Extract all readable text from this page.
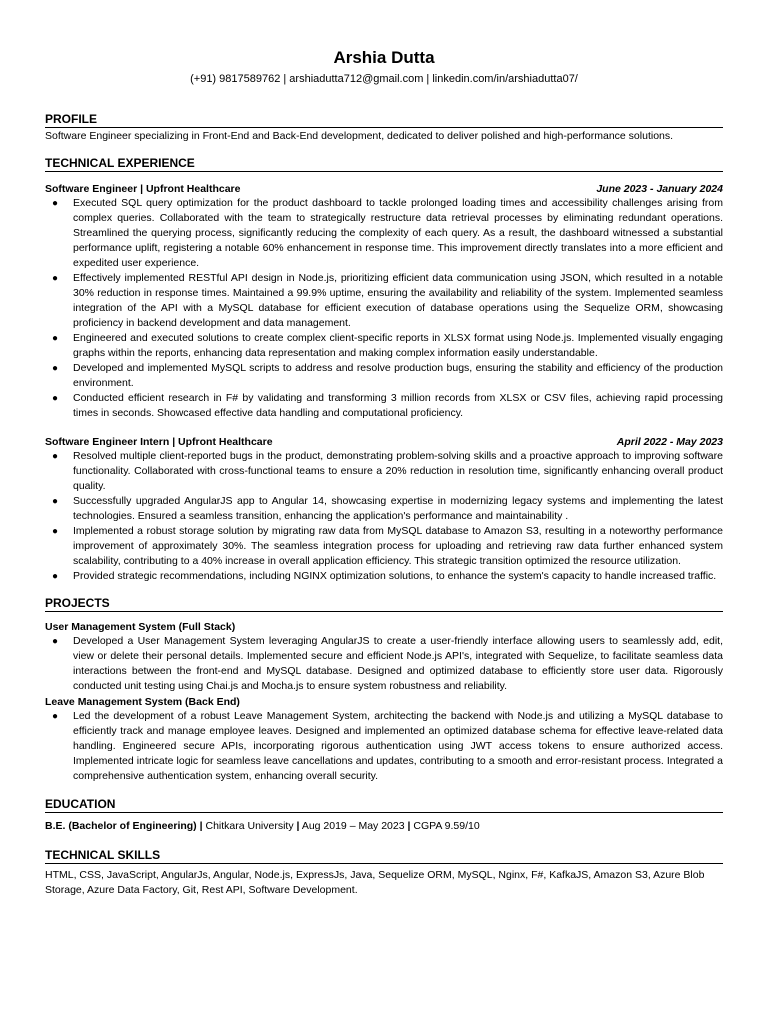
Arshia Dutta
(+91) 9817589762 | arshiadutta712@gmail.com | linkedin.com/in/arshiadutta07/
PROFILE
Software Engineer specializing in Front-End and Back-End development, dedicated to deliver polished and high-performance solutions.
TECHNICAL EXPERIENCE
Software Engineer | Upfront Healthcare	June 2023 - January 2024
● Executed SQL query optimization for the product dashboard to tackle prolonged loading times and accessibility challenges arising from complex queries. Collaborated with the team to strategically restructure data retrieval processes by eliminating redundant operations. Streamlined the querying process, significantly reducing the complexity of each query. As a result, the dashboard witnessed a substantial performance uplift, registering a notable 60% enhancement in response time. This improvement directly translates into a more efficient and expedited user experience.
● Effectively implemented RESTful API design in Node.js, prioritizing efficient data communication using JSON, which resulted in a notable 30% reduction in response times. Maintained a 99.9% uptime, ensuring the availability and reliability of the system. Implemented seamless integration of the API with a MySQL database for efficient execution of database operations using the Sequelize ORM, showcasing proficiency in backend development and data management.
● Engineered and executed solutions to create complex client-specific reports in XLSX format using Node.js. Implemented visually engaging graphs within the reports, enhancing data representation and making complex information easily understandable.
● Developed and implemented MySQL scripts to address and resolve production bugs, ensuring the stability and efficiency of the production environment.
● Conducted efficient research in F# by validating and transforming 3 million records from XLSX or CSV files, achieving rapid processing times in seconds. Showcased effective data handling and computational proficiency.
Software Engineer Intern | Upfront Healthcare	April 2022 - May 2023
● Resolved multiple client-reported bugs in the product, demonstrating problem-solving skills and a proactive approach to improving software functionality. Collaborated with cross-functional teams to ensure a 20% reduction in resolution time, significantly enhancing overall product quality.
● Successfully upgraded AngularJS app to Angular 14, showcasing expertise in modernizing legacy systems and implementing the latest technologies. Ensured a seamless transition, enhancing the application's performance and maintainability .
● Implemented a robust storage solution by migrating raw data from MySQL database to Amazon S3, resulting in a noteworthy performance improvement of approximately 30%. The seamless integration process for uploading and retrieving raw data further enhanced system scalability, contributing to a 40% increase in overall application efficiency. This strategic transition optimized the resource utilization.
● Provided strategic recommendations, including NGINX optimization solutions, to enhance the system's capacity to handle increased traffic.
PROJECTS
User Management System (Full Stack)
● Developed a User Management System leveraging AngularJS to create a user-friendly interface allowing users to seamlessly add, edit, view or delete their personal details. Implemented secure and efficient Node.js API's, integrated with Sequelize, to facilitate seamless data interactions between the front-end and MySQL database. Designed and optimized database to efficiently store user data. Rigorously conducted unit testing using Chai.js and Mocha.js to ensure system robustness and reliability.
Leave Management System (Back End)
● Led the development of a robust Leave Management System, architecting the backend with Node.js and utilizing a MySQL database to efficiently track and manage employee leaves. Designed and implemented an optimized database schema for effective leave-related data handling. Engineered secure APIs, incorporating rigorous authentication using JWT access tokens to ensure authorized access. Implemented intricate logic for seamless leave cancellations and updates, contributing to a smooth and error-resistant process. Integrated a comprehensive authentication system, enhancing overall security.
EDUCATION
B.E. (Bachelor of Engineering) | Chitkara University | Aug 2019 – May 2023 | CGPA 9.59/10
TECHNICAL SKILLS
HTML, CSS, JavaScript, AngularJs, Angular, Node.js, ExpressJs, Java, Sequelize ORM, MySQL, Nginx, F#, KafkaJS, Amazon S3, Azure Blob Storage, Azure Data Factory, Git, Rest API, Software Development.
